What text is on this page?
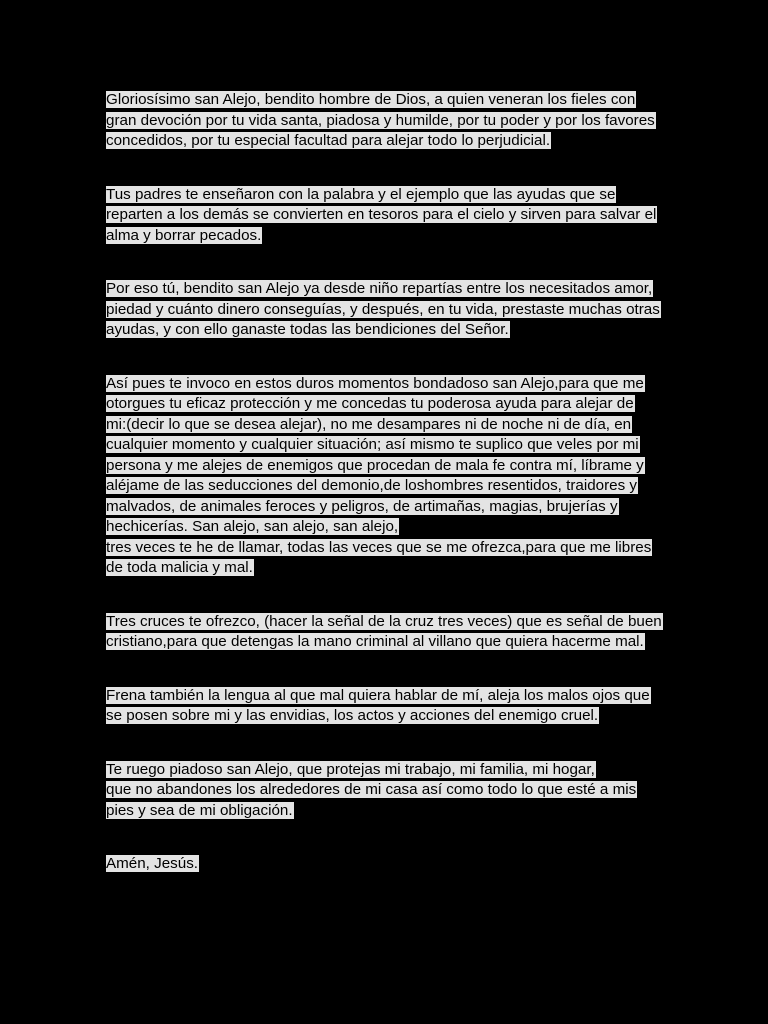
Gloriosísimo san Alejo, bendito hombre de Dios, a quien veneran los fieles con
gran devoción por tu vida santa, piadosa y humilde, por tu poder y por los favores
concedidos, por tu especial facultad para alejar todo lo perjudicial.

Tus padres te enseñaron con la palabra y el ejemplo que las ayudas que se
reparten a los demás se convierten en tesoros para el cielo y sirven para salvar el
alma y borrar pecados.

Por eso tú, bendito san Alejo ya desde niño repartías entre los necesitados amor,
piedad y cuánto dinero conseguías, y después, en tu vida, prestaste muchas otras
ayudas, y con ello ganaste todas las bendiciones del Señor.

Así pues te invoco en estos duros momentos bondadoso san Alejo,para que me
otorgues tu eficaz protección y me concedas tu poderosa ayuda para alejar de
mi:(decir lo que se desea alejar), no me desampares ni de noche ni de día, en
cualquier momento y cualquier situación; así mismo te suplico que veles por mi
persona y me alejes de enemigos que procedan de mala fe contra mí, líbrame y
aléjame de las seducciones del demonio,de loshombres resentidos, traidores y
malvados, de animales feroces y peligros, de artimañas, magias, brujerías y
hechicerías. San alejo, san alejo, san alejo,
tres veces te he de llamar, todas las veces que se me ofrezca,para que me libres
de toda malicia y mal.

Tres cruces te ofrezco, (hacer la señal de la cruz tres veces) que es señal de buen
cristiano,para que detengas la mano criminal al villano que quiera hacerme mal.

Frena también la lengua al que mal quiera hablar de mí, aleja los malos ojos que
se posen sobre mi y las envidias, los actos y acciones del enemigo cruel.

Te ruego piadoso san Alejo, que protejas mi trabajo, mi familia, mi hogar,
que no abandones los alrededores de mi casa así como todo lo que esté a mis
pies y sea de mi obligación.

Amén, Jesús.
